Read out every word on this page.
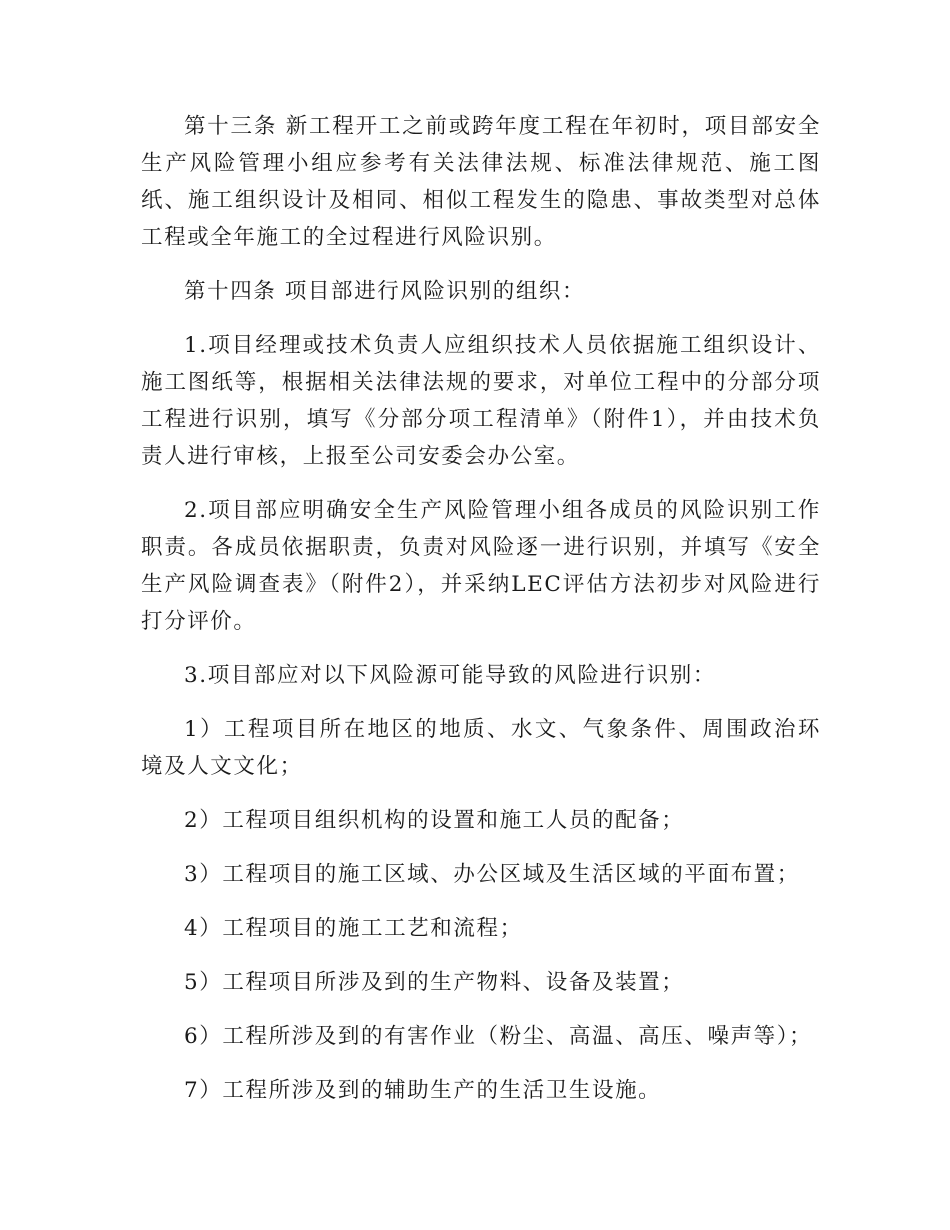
第十三条 新工程开工之前或跨年度工程在年初时，项目部安全生产风险管理小组应参考有关法律法规、标准法律规范、施工图纸、施工组织设计及相同、相似工程发生的隐患、事故类型对总体工程或全年施工的全过程进行风险识别。

第十四条 项目部进行风险识别的组织：

1.项目经理或技术负责人应组织技术人员依据施工组织设计、施工图纸等，根据相关法律法规的要求，对单位工程中的分部分项工程进行识别，填写《分部分项工程清单》（附件1），并由技术负责人进行审核，上报至公司安委会办公室。

2.项目部应明确安全生产风险管理小组各成员的风险识别工作职责。各成员依据职责，负责对风险逐一进行识别，并填写《安全生产风险调查表》（附件2），并采纳LEC评估方法初步对风险进行打分评价。

3.项目部应对以下风险源可能导致的风险进行识别：

1）工程项目所在地区的地质、水文、气象条件、周围政治环境及人文文化；

2）工程项目组织机构的设置和施工人员的配备；

3）工程项目的施工区域、办公区域及生活区域的平面布置；

4）工程项目的施工工艺和流程；

5）工程项目所涉及到的生产物料、设备及装置；

6）工程所涉及到的有害作业（粉尘、高温、高压、噪声等）；

7）工程所涉及到的辅助生产的生活卫生设施。
